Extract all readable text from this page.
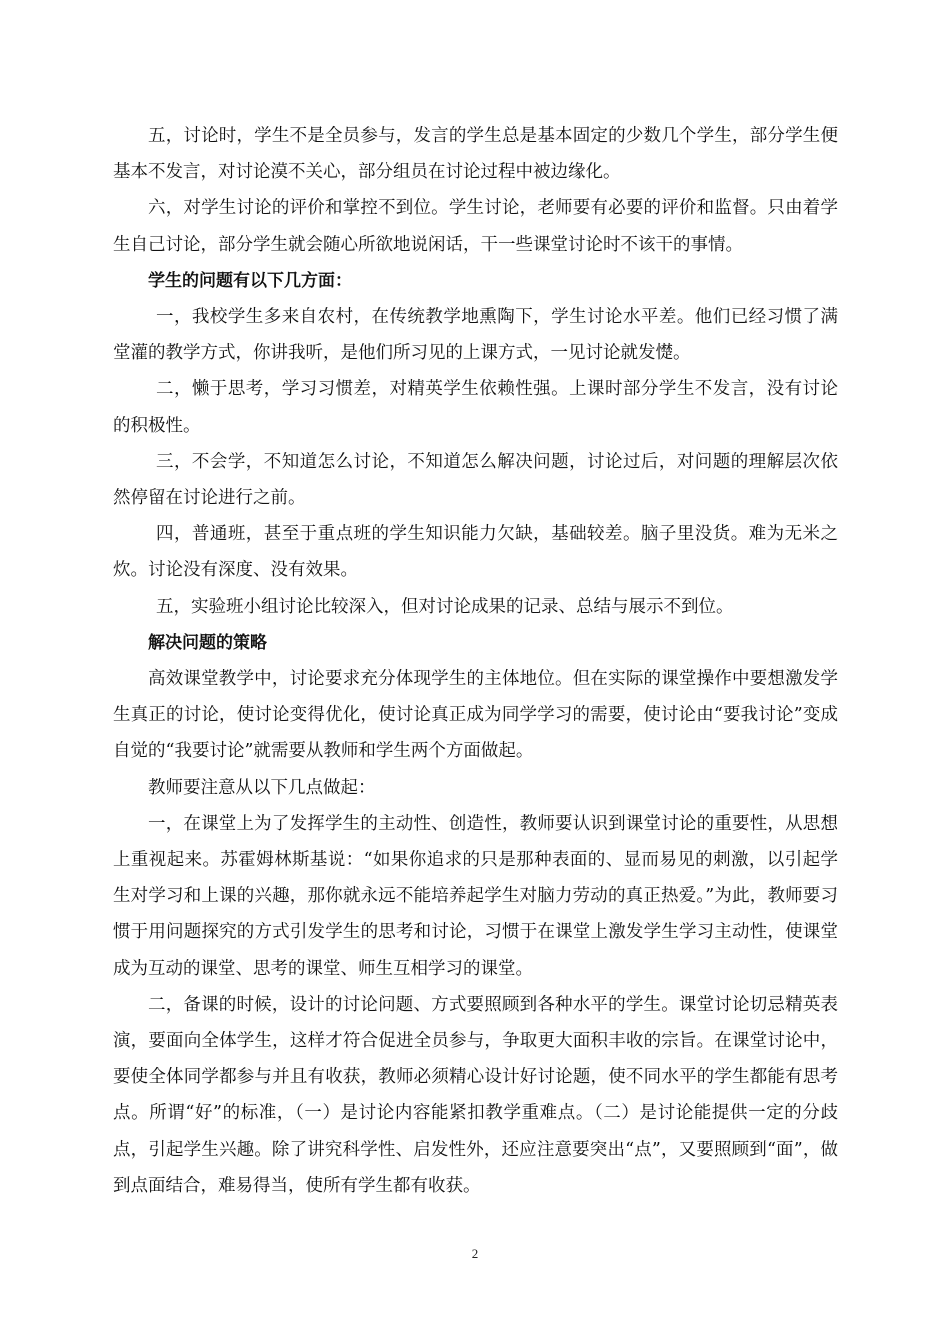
五，讨论时，学生不是全员参与，发言的学生总是基本固定的少数几个学生，部分学生便基本不发言，对讨论漠不关心，部分组员在讨论过程中被边缘化。

六，对学生讨论的评价和掌控不到位。学生讨论，老师要有必要的评价和监督。只由着学生自己讨论，部分学生就会随心所欲地说闲话，干一些课堂讨论时不该干的事情。

学生的问题有以下几方面：

一，我校学生多来自农村，在传统教学地熏陶下，学生讨论水平差。他们已经习惯了满堂灌的教学方式，你讲我听，是他们所习见的上课方式，一见讨论就发憷。

二，懒于思考，学习习惯差，对精英学生依赖性强。上课时部分学生不发言，没有讨论的积极性。

三，不会学，不知道怎么讨论，不知道怎么解决问题，讨论过后，对问题的理解层次依然停留在讨论进行之前。

四，普通班，甚至于重点班的学生知识能力欠缺，基础较差。脑子里没货。难为无米之炊。讨论没有深度、没有效果。

五，实验班小组讨论比较深入，但对讨论成果的记录、总结与展示不到位。

解决问题的策略

高效课堂教学中，讨论要求充分体现学生的主体地位。但在实际的课堂操作中要想激发学生真正的讨论，使讨论变得优化，使讨论真正成为同学学习的需要，使讨论由“要我讨论”变成自觉的“我要讨论”就需要从教师和学生两个方面做起。

教师要注意从以下几点做起：

一，在课堂上为了发挥学生的主动性、创造性，教师要认识到课堂讨论的重要性，从思想上重视起来。苏霍姆林斯基说：“如果你追求的只是那种表面的、显而易见的刺激，以引起学生对学习和上课的兴趣，那你就永远不能培养起学生对脑力劳动的真正热爱。”为此，教师要习惯于用问题探究的方式引发学生的思考和讨论，习惯于在课堂上激发学生学习主动性，使课堂成为互动的课堂、思考的课堂、师生互相学习的课堂。

二，备课的时候，设计的讨论问题、方式要照顾到各种水平的学生。课堂讨论切忌精英表演，要面向全体学生，这样才符合促进全员参与，争取更大面积丰收的宗旨。在课堂讨论中，要使全体同学都参与并且有收获，教师必须精心设计好讨论题，使不同水平的学生都能有思考点。所谓“好”的标准，（一）是讨论内容能紧扣教学重难点。（二）是讨论能提供一定的分歧点，引起学生兴趣。除了讲究科学性、启发性外，还应注意要突出“点”，又要照顾到“面”，做到点面结合，难易得当，使所有学生都有收获。

2
